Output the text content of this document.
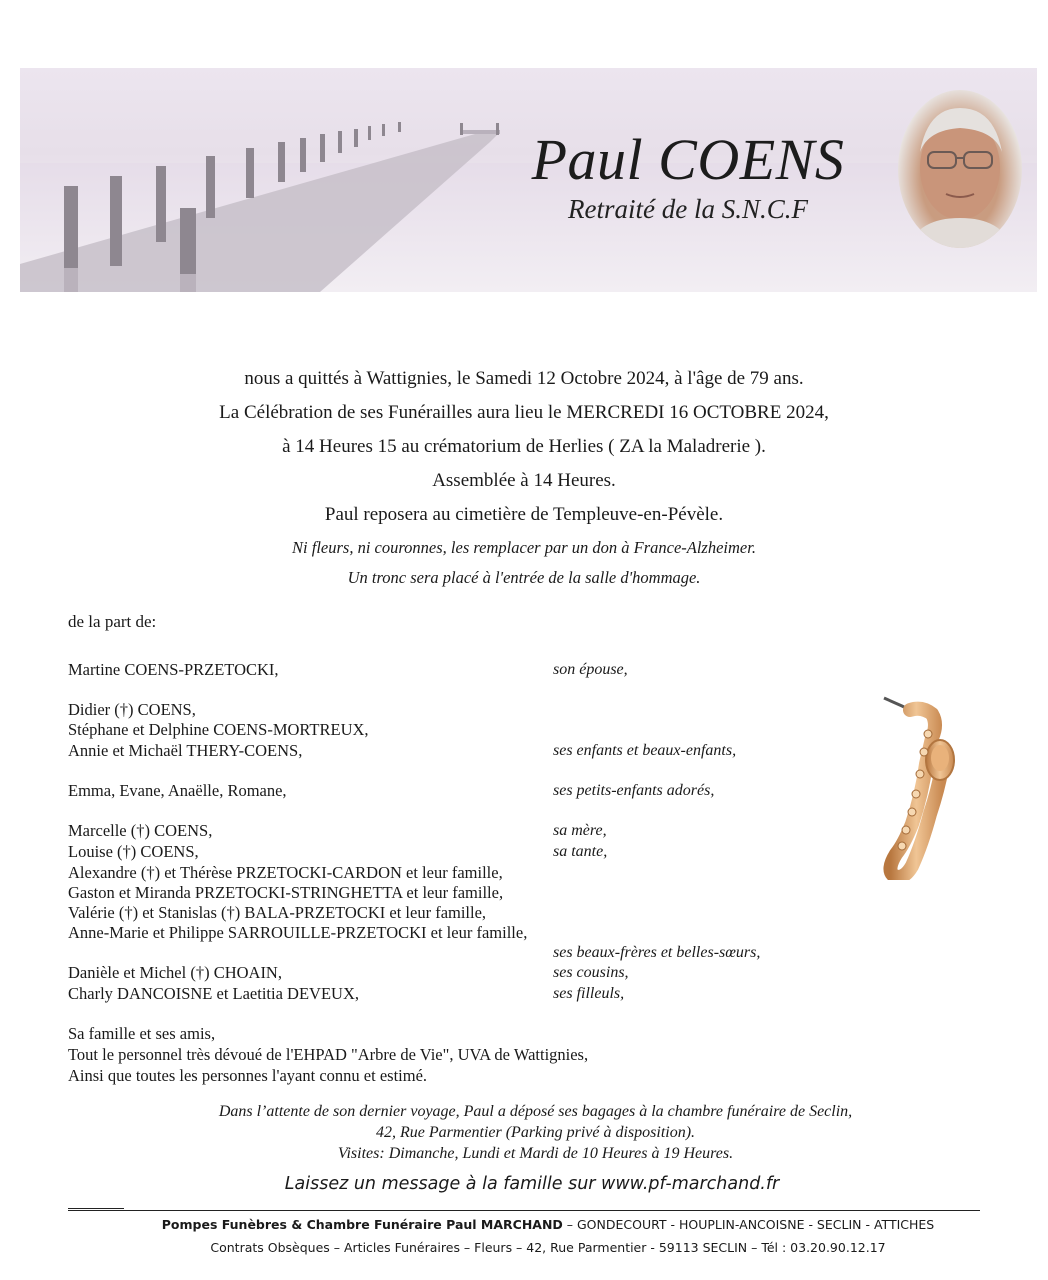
Paul COENS
Retraité de la S.N.C.F
nous a quittés à Wattignies, le Samedi 12 Octobre 2024, à l'âge de 79 ans.
La Célébration de ses Funérailles aura lieu le MERCREDI 16 OCTOBRE 2024,
à 14 Heures 15 au crématorium de Herlies ( ZA la Maladrerie ).
Assemblée à 14 Heures.
Paul reposera au cimetière de Templeuve-en-Pévèle.
Ni fleurs, ni couronnes, les remplacer par un don à France-Alzheimer.
Un tronc sera placé à l'entrée de la salle d'hommage.
de la part de:
Martine COENS-PRZETOCKI,
Didier (†) COENS,
Stéphane et Delphine COENS-MORTREUX,
Annie et Michaël THERY-COENS,
Emma, Evane, Anaëlle, Romane,
Marcelle (†) COENS,
Louise (†) COENS,
Alexandre (†) et Thérèse PRZETOCKI-CARDON et leur famille,
Gaston et Miranda PRZETOCKI-STRINGHETTA et leur famille,
Valérie (†) et Stanislas (†) BALA-PRZETOCKI et leur famille,
Anne-Marie et Philippe SARROUILLE-PRZETOCKI et leur famille,
Danièle et Michel (†) CHOAIN,
Charly DANCOISNE et Laetitia DEVEUX,
son épouse,
ses enfants et beaux-enfants,
ses petits-enfants adorés,
sa mère,
sa tante,
ses beaux-frères et belles-sœurs,
ses cousins,
ses filleuls,
Sa famille et ses amis,
Tout le personnel très dévoué de l'EHPAD "Arbre de Vie", UVA de Wattignies,
Ainsi que toutes les personnes l'ayant connu et estimé.
Dans l’attente de son dernier voyage, Paul a déposé ses bagages à la chambre funéraire de Seclin,
42, Rue Parmentier (Parking privé à disposition).
Visites: Dimanche, Lundi et Mardi de 10 Heures à 19 Heures.
Laissez un message à la famille sur www.pf-marchand.fr
Pompes Funèbres & Chambre Funéraire Paul MARCHAND – GONDECOURT - HOUPLIN-ANCOISNE - SECLIN - ATTICHES
Contrats Obsèques – Articles Funéraires – Fleurs – 42, Rue Parmentier - 59113 SECLIN – Tél : 03.20.90.12.17
